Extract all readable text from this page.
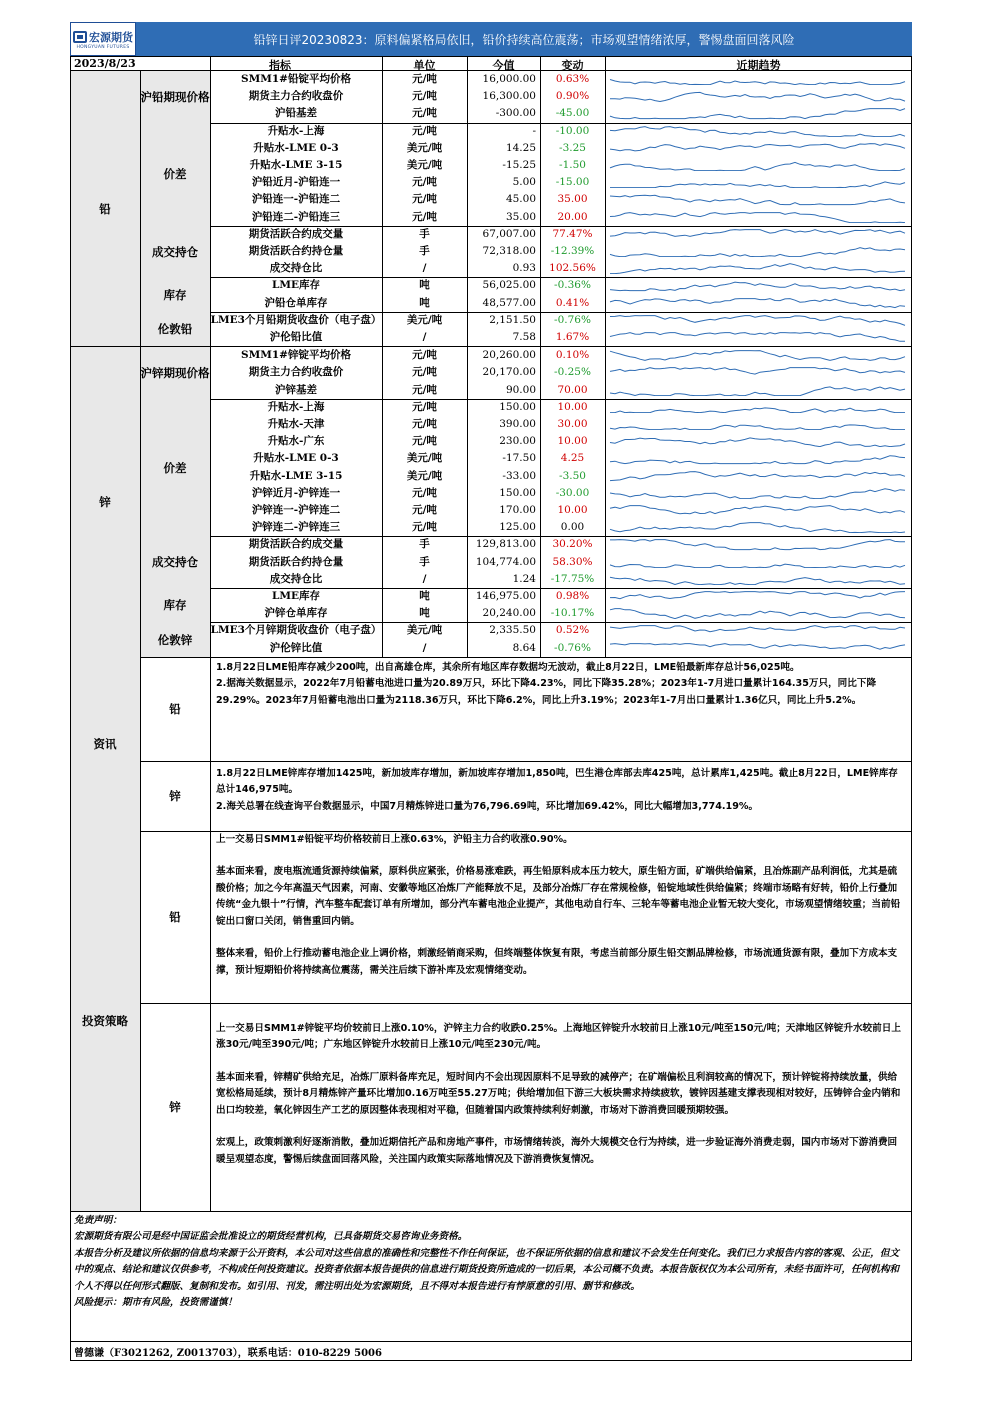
宏源期货
HONGYUAN FUTURES
铅锌日评20230823：原料偏紧格局依旧，铅价持续高位震荡；市场观望情绪浓厚，警惕盘面回落风险
2023/8/23	指标	单位	今值	变动	近期趋势
SMM1#铅锭平均价格	元/吨	16,000.00	0.63%
期货主力合约收盘价	元/吨	16,300.00	0.90%
沪铅基差	元/吨	-300.00	-45.00
沪铅期现价格
升贴水-上海	元/吨	-	-10.00
升贴水-LME 0-3	美元/吨	14.25	-3.25
升贴水-LME 3-15	美元/吨	-15.25	-1.50
沪铅近月-沪铅连一	元/吨	5.00	-15.00
沪铅连一-沪铅连二	元/吨	45.00	35.00
沪铅连二-沪铅连三	元/吨	35.00	20.00
价差
期货活跃合约成交量	手	67,007.00	77.47%
期货活跃合约持仓量	手	72,318.00	-12.39%
成交持仓比	/	0.93	102.56%
成交持仓
LME库存	吨	56,025.00	-0.36%
沪铅仓单库存	吨	48,577.00	0.41%
库存
LME3个月铅期货收盘价（电子盘）	美元/吨	2,151.50	-0.76%
沪伦铅比值	/	7.58	1.67%
伦敦铅
铅
SMM1#锌锭平均价格	元/吨	20,260.00	0.10%
期货主力合约收盘价	元/吨	20,170.00	-0.25%
沪锌基差	元/吨	90.00	70.00
沪锌期现价格
升贴水-上海	元/吨	150.00	10.00
升贴水-天津	元/吨	390.00	30.00
升贴水-广东	元/吨	230.00	10.00
升贴水-LME 0-3	美元/吨	-17.50	4.25
升贴水-LME 3-15	美元/吨	-33.00	-3.50
沪锌近月-沪锌连一	元/吨	150.00	-30.00
沪锌连一-沪锌连二	元/吨	170.00	10.00
沪锌连二-沪锌连三	元/吨	125.00	0.00
价差
期货活跃合约成交量	手	129,813.00	30.20%
期货活跃合约持仓量	手	104,774.00	58.30%
成交持仓比	/	1.24	-17.75%
成交持仓
LME库存	吨	146,975.00	0.98%
沪锌仓单库存	吨	20,240.00	-10.17%
库存
LME3个月锌期货收盘价（电子盘）	美元/吨	2,335.50	0.52%
沪伦锌比值	/	8.64	-0.76%
伦敦锌
锌
资讯
铅
锌

1.8月22日LME铅库存减少200吨，出自高雄仓库，其余所有地区库存数据均无波动，截止8月22日，LME铅最新库存总计56,025吨。

2.据海关数据显示，2022年7月铅蓄电池进口量为20.89万只，环比下降4.23%，同比下降35.28%；2023年1-7月进口量累计164.35万只，同比下降29.29%。2023年7月铅蓄电池出口量为2118.36万只，环比下降6.2%，同比上升3.19%；2023年1-7月出口量累计1.36亿只，同比上升5.2%。

1.8月22日LME锌库存增加1425吨，新加坡库存增加，新加坡库存增加1,850吨，巴生港仓库部去库425吨，总计累库1,425吨。截止8月22日，LME锌库存总计146,975吨。

2.海关总署在线查询平台数据显示，中国7月精炼锌进口量为76,796.69吨，环比增加69.42%，同比大幅增加3,774.19%。

投资策略
铅
锌

上一交易日SMM1#铅锭平均价格较前日上涨0.63%，沪铅主力合约收涨0.90%。

基本面来看，废电瓶流通货源持续偏紧，原料供应紧张，价格易涨难跌，再生铅原料成本压力较大，原生铅方面，矿端供给偏紧，且冶炼副产品利润低，尤其是硫酸价格；加之今年高温天气因素，河南、安徽等地区冶炼厂产能释放不足，及部分冶炼厂存在常规检修，铅锭地域性供给偏紧；终端市场略有好转，铅价上行叠加传统“金九银十”行情，汽车整车配套订单有所增加，部分汽车蓄电池企业提产，其他电动自行车、三轮车等蓄电池企业暂无较大变化，市场观望情绪较重；当前铅锭出口窗口关闭，销售重回内销。

整体来看，铅价上行推动蓄电池企业上调价格，刺激经销商采购，但终端整体恢复有限，考虑当前部分原生铅交割品牌检修，市场流通货源有限，叠加下方成本支撑，预计短期铅价将持续高位震荡，需关注后续下游补库及宏观情绪变动。

上一交易日SMM1#锌锭平均价较前日上涨0.10%，沪锌主力合约收跌0.25%。上海地区锌锭升水较前日上涨10元/吨至150元/吨；天津地区锌锭升水较前日上涨30元/吨至390元/吨；广东地区锌锭升水较前日上涨10元/吨至230元/吨。

基本面来看，锌精矿供给充足，冶炼厂原料备库充足，短时间内不会出现因原料不足导致的减停产；在矿端偏松且利润较高的情况下，预计锌锭将持续放量，供给宽松格局延续，预计8月精炼锌产量环比增加0.16万吨至55.27万吨；供给增加但下游三大板块需求持续疲软，镀锌因基建支撑表现相对较好，压铸锌合金内销和出口均较差，氧化锌因生产工艺的原因整体表现相对平稳，但随着国内政策持续利好刺激，市场对下游消费回暖预期较强。

宏观上，政策刺激利好逐渐消散，叠加近期信托产品和房地产事件，市场情绪转淡，海外大规模交仓行为持续，进一步验证海外消费走弱，国内市场对下游消费回暖呈观望态度，警惕后续盘面回落风险，关注国内政策实际落地情况及下游消费恢复情况。

免责声明：

宏源期货有限公司是经中国证监会批准设立的期货经营机构，已具备期货交易咨询业务资格。

本报告分析及建议所依据的信息均来源于公开资料，本公司对这些信息的准确性和完整性不作任何保证，也不保证所依据的信息和建议不会发生任何变化。我们已力求报告内容的客观、公正，但文中的观点、结论和建议仅供参考，不构成任何投资建议。投资者依据本报告提供的信息进行期货投资所造成的一切后果，本公司概不负责。本报告版权仅为本公司所有，未经书面许可，任何机构和个人不得以任何形式翻版、复制和发布。如引用、刊发，需注明出处为宏源期货，且不得对本报告进行有悖原意的引用、删节和修改。

风险提示：期市有风险，投资需谨慎！

曾德谦（F3021262, Z0013703），联系电话：010-8229 5006
